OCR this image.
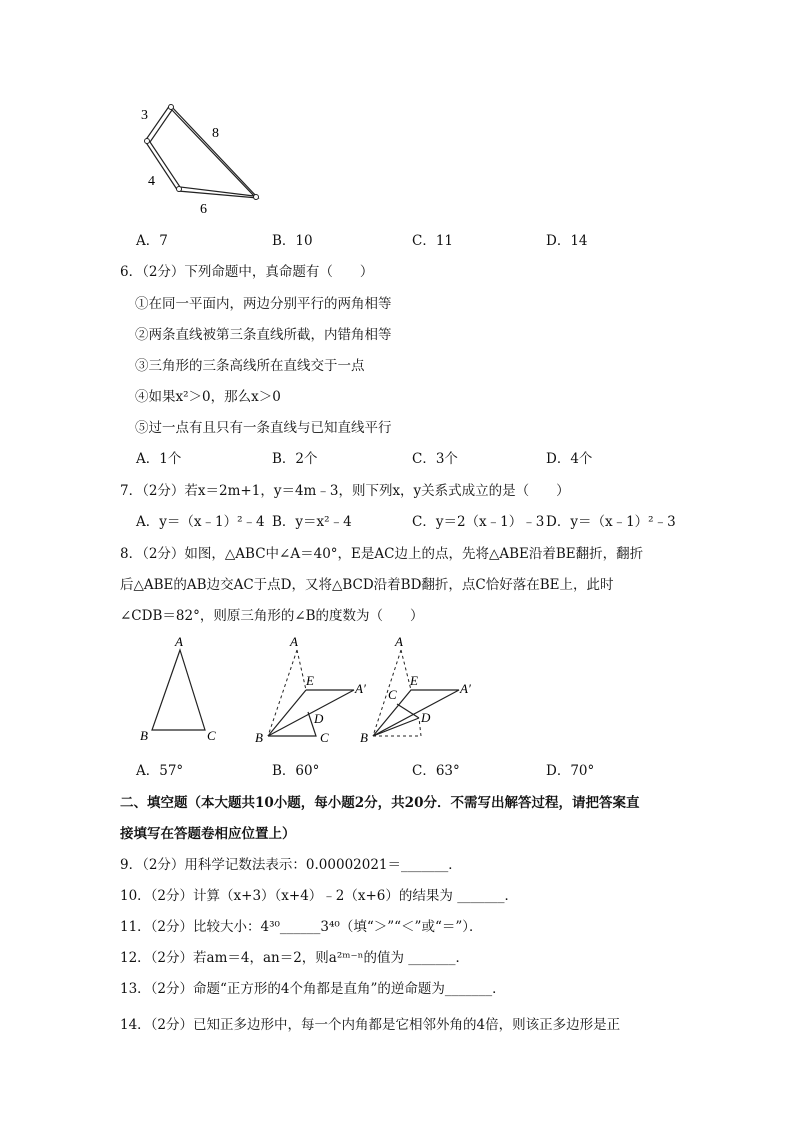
3
8
4
6
A．7	B．10	C．11	D．14
6．（2分）下列命题中，真命题有（　　）
①在同一平面内，两边分别平行的两角相等
②两条直线被第三条直线所截，内错角相等
③三角形的三条高线所在直线交于一点
④如果x²＞0，那么x＞0
⑤过一点有且只有一条直线与已知直线平行
A．1个	B．2个	C．3个	D．4个
7．（2分）若x＝2m+1，y＝4m﹣3，则下列x，y关系式成立的是（　　）
A．y＝（x﹣1）²﹣4 B．y＝x²﹣4	C．y＝2（x﹣1）﹣3 D．y＝（x﹣1）²﹣3
8．（2分）如图，△ABC中∠A＝40°，E是AC边上的点，先将△ABE沿着BE翻折，翻折
后△ABE的AB边交AC于点D，又将△BCD沿着BD翻折，点C恰好落在BE上，此时
∠CDB＝82°，则原三角形的∠B的度数为（　　）
A
B	C
A
E
A′
D
B	C
A
E
C	A′
D
B
A．57°	B．60°	C．63°	D．70°
二、填空题（本大题共10小题，每小题2分，共20分．不需写出解答过程，请把答案直
接填写在答题卷相应位置上）
9．（2分）用科学记数法表示：0.00002021＝_______．
10．（2分）计算（x+3）（x+4）﹣2（x+6）的结果为 _______．
11．（2分）比较大小：4³⁰______3⁴⁰（填“＞”“＜”或“＝”）．
12．（2分）若am＝4，an＝2，则a²ᵐ⁻ⁿ的值为 _______．
13．（2分）命题“正方形的4个角都是直角”的逆命题为_______．
14．（2分）已知正多边形中，每一个内角都是它相邻外角的4倍，则该正多边形是正
